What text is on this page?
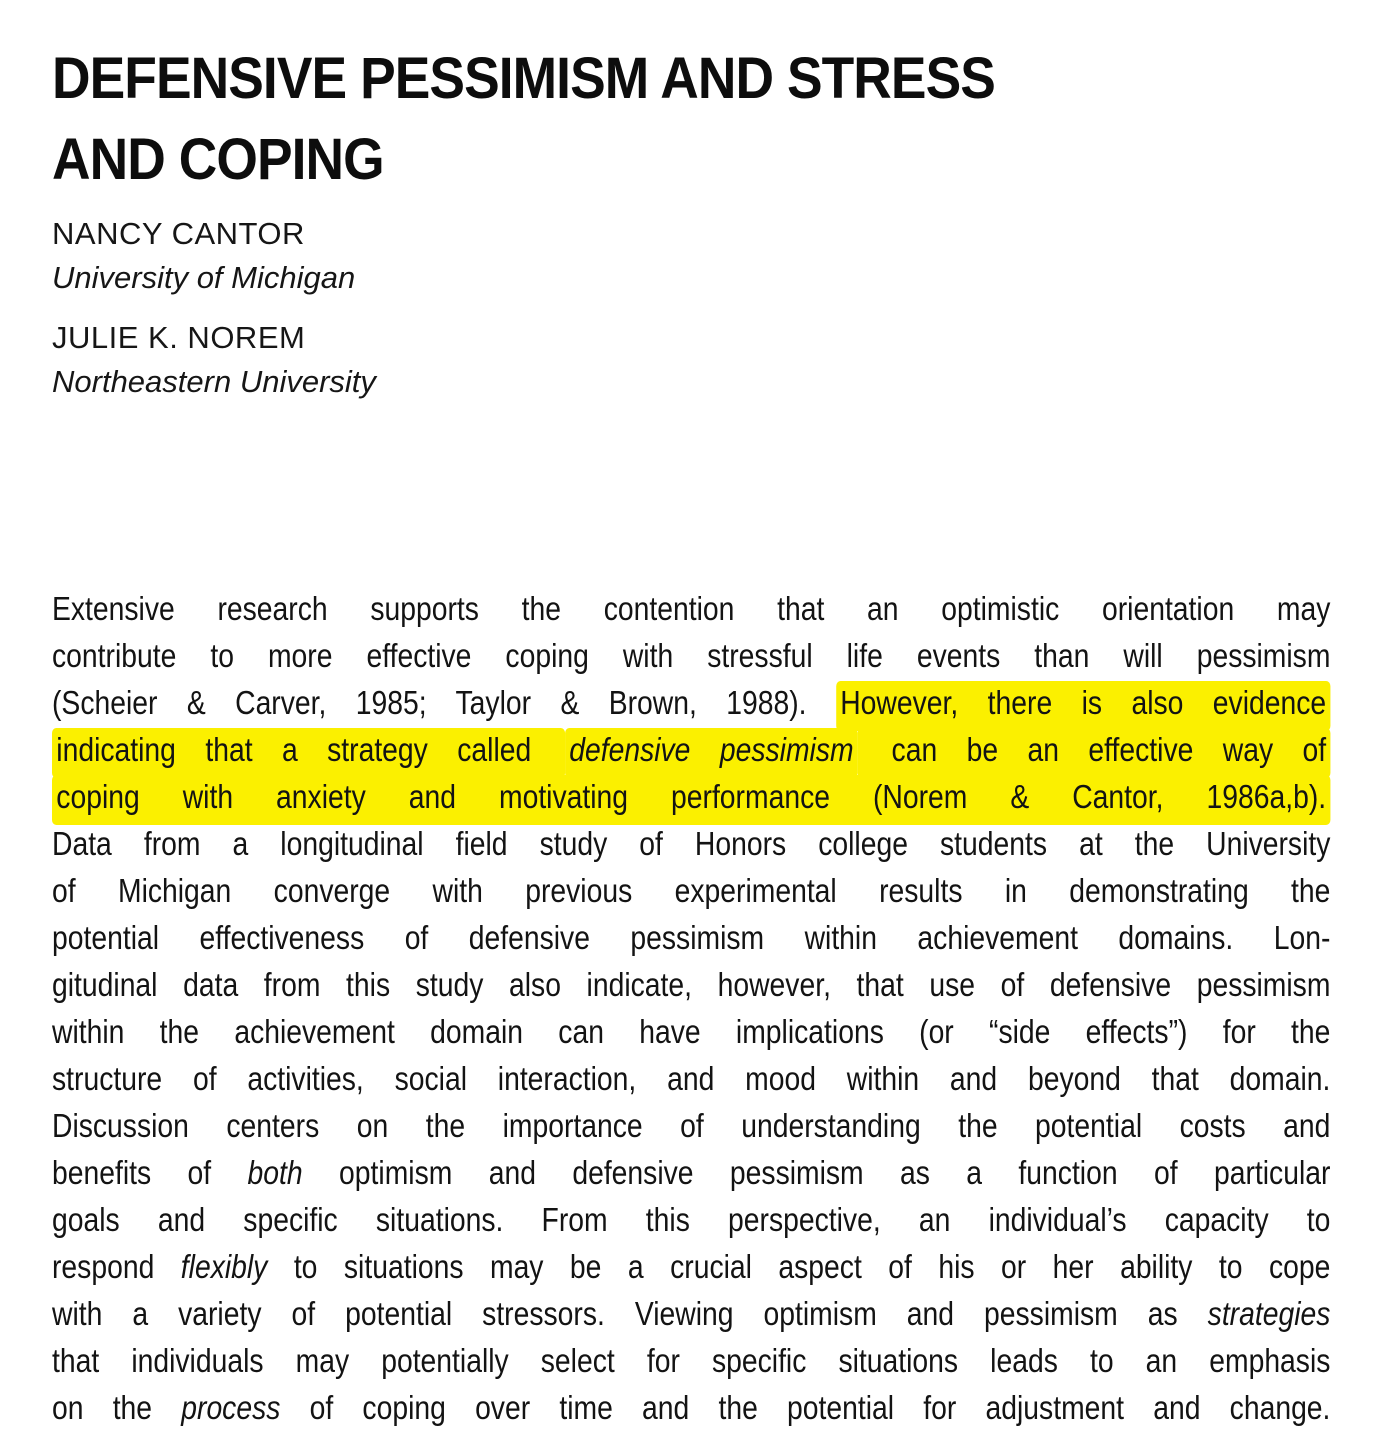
DEFENSIVE PESSIMISM AND STRESS
AND COPING
NANCY CANTOR
University of Michigan
JULIE K. NOREM
Northeastern University
Extensive research supports the contention that an optimistic orientation may
contribute to more effective coping with stressful life events than will pessimism
(Scheier & Carver, 1985; Taylor & Brown, 1988). However, there is also evidence
indicating that a strategy called defensive pessimism can be an effective way of
coping with anxiety and motivating performance (Norem & Cantor, 1986a,b).
Data from a longitudinal field study of Honors college students at the University
of Michigan converge with previous experimental results in demonstrating the
potential effectiveness of defensive pessimism within achievement domains. Lon-
gitudinal data from this study also indicate, however, that use of defensive pessimism
within the achievement domain can have implications (or “side effects”) for the
structure of activities, social interaction, and mood within and beyond that domain.
Discussion centers on the importance of understanding the potential costs and
benefits of both optimism and defensive pessimism as a function of particular
goals and specific situations. From this perspective, an individual’s capacity to
respond flexibly to situations may be a crucial aspect of his or her ability to cope
with a variety of potential stressors. Viewing optimism and pessimism as strategies
that individuals may potentially select for specific situations leads to an emphasis
on the process of coping over time and the potential for adjustment and change.
